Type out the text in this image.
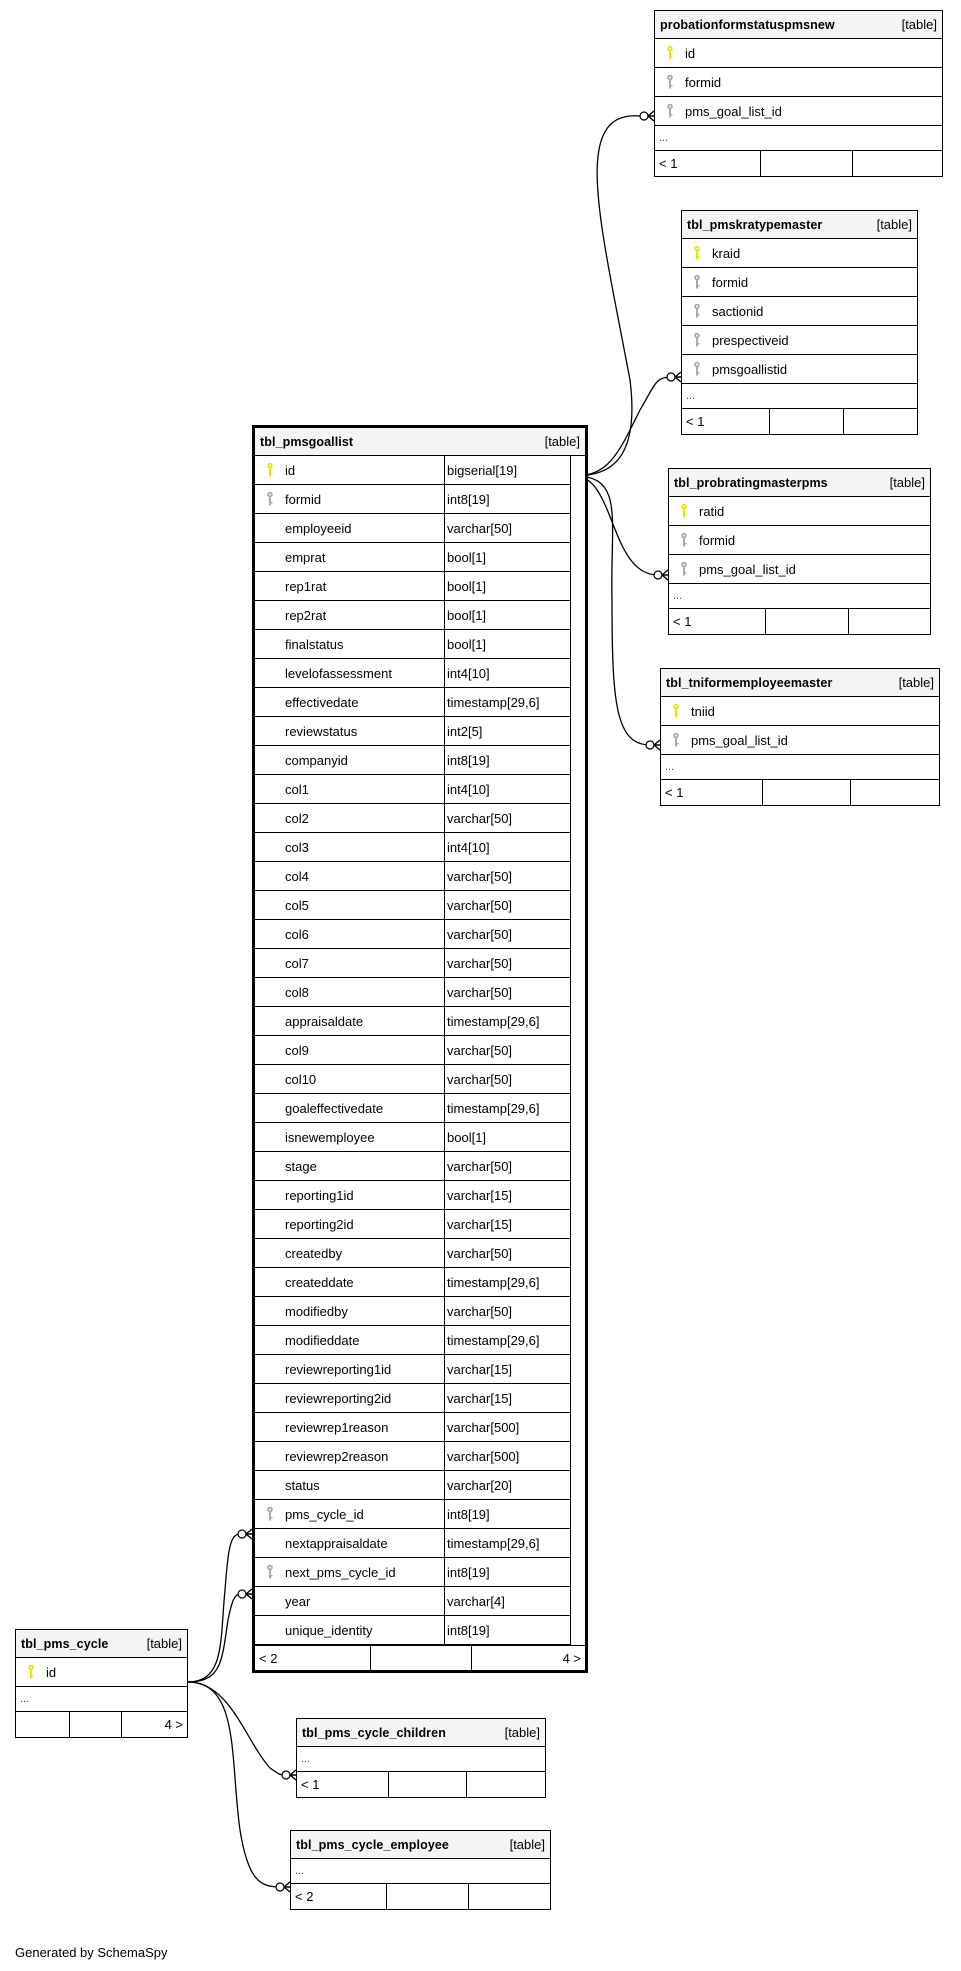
probationformstatuspmsnew	[table]
id
formid
pms_goal_list_id
...
< 1
tbl_pmskratypemaster	[table]
kraid
formid
sactionid
prespectiveid
pmsgoallistid
...
< 1
tbl_probratingmasterpms	[table]
ratid
formid
pms_goal_list_id
...
< 1
tbl_tniformemployeemaster	[table]
tniid
pms_goal_list_id
...
< 1
tbl_pmsgoallist	[table]
id	bigserial[19]
formid	int8[19]
employeeid	varchar[50]
emprat	bool[1]
rep1rat	bool[1]
rep2rat	bool[1]
finalstatus	bool[1]
levelofassessment	int4[10]
effectivedate	timestamp[29,6]
reviewstatus	int2[5]
companyid	int8[19]
col1	int4[10]
col2	varchar[50]
col3	int4[10]
col4	varchar[50]
col5	varchar[50]
col6	varchar[50]
col7	varchar[50]
col8	varchar[50]
appraisaldate	timestamp[29,6]
col9	varchar[50]
col10	varchar[50]
goaleffectivedate	timestamp[29,6]
isnewemployee	bool[1]
stage	varchar[50]
reporting1id	varchar[15]
reporting2id	varchar[15]
createdby	varchar[50]
createddate	timestamp[29,6]
modifiedby	varchar[50]
modifieddate	timestamp[29,6]
reviewreporting1id	varchar[15]
reviewreporting2id	varchar[15]
reviewrep1reason	varchar[500]
reviewrep2reason	varchar[500]
status	varchar[20]
pms_cycle_id	int8[19]
nextappraisaldate	timestamp[29,6]
next_pms_cycle_id	int8[19]
year	varchar[4]
unique_identity	int8[19]
< 2	4 >
tbl_pms_cycle	[table]
id
...
4 >
tbl_pms_cycle_children	[table]
...
< 1
tbl_pms_cycle_employee	[table]
...
< 2
Generated by SchemaSpy
